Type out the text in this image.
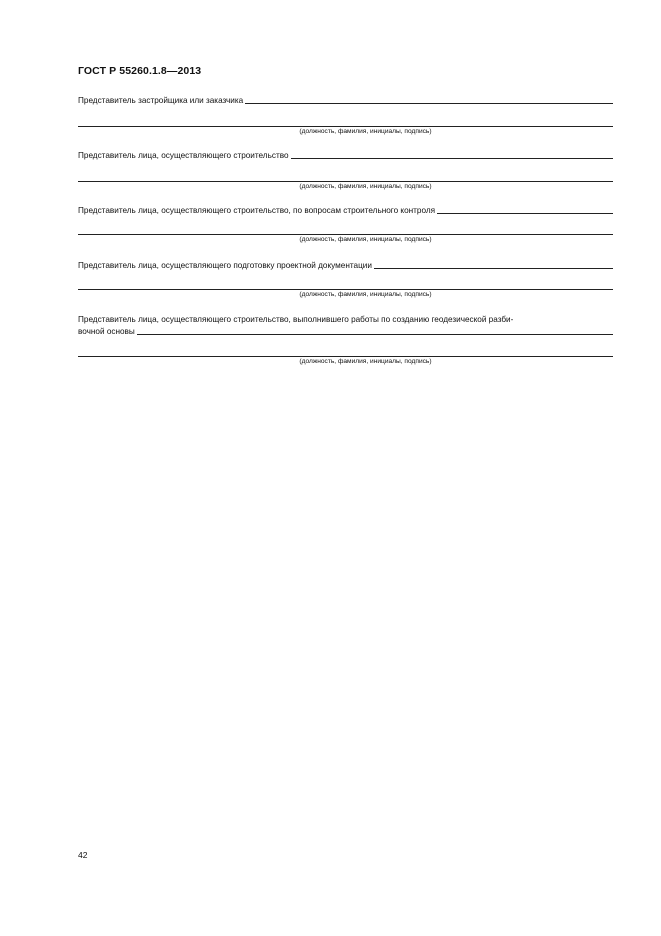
ГОСТ Р 55260.1.8—2013
Представитель застройщика или заказчика
(должность, фамилия, инициалы, подпись)
Представитель лица, осуществляющего строительство
(должность, фамилия, инициалы, подпись)
Представитель лица, осуществляющего строительство, по вопросам строительного контроля
(должность, фамилия, инициалы, подпись)
Представитель лица, осуществляющего подготовку проектной документации
(должность, фамилия, инициалы, подпись)
Представитель лица, осуществляющего строительство, выполнившего работы по созданию геодезической разби-
вочной основы
(должность, фамилия, инициалы, подпись)
42
